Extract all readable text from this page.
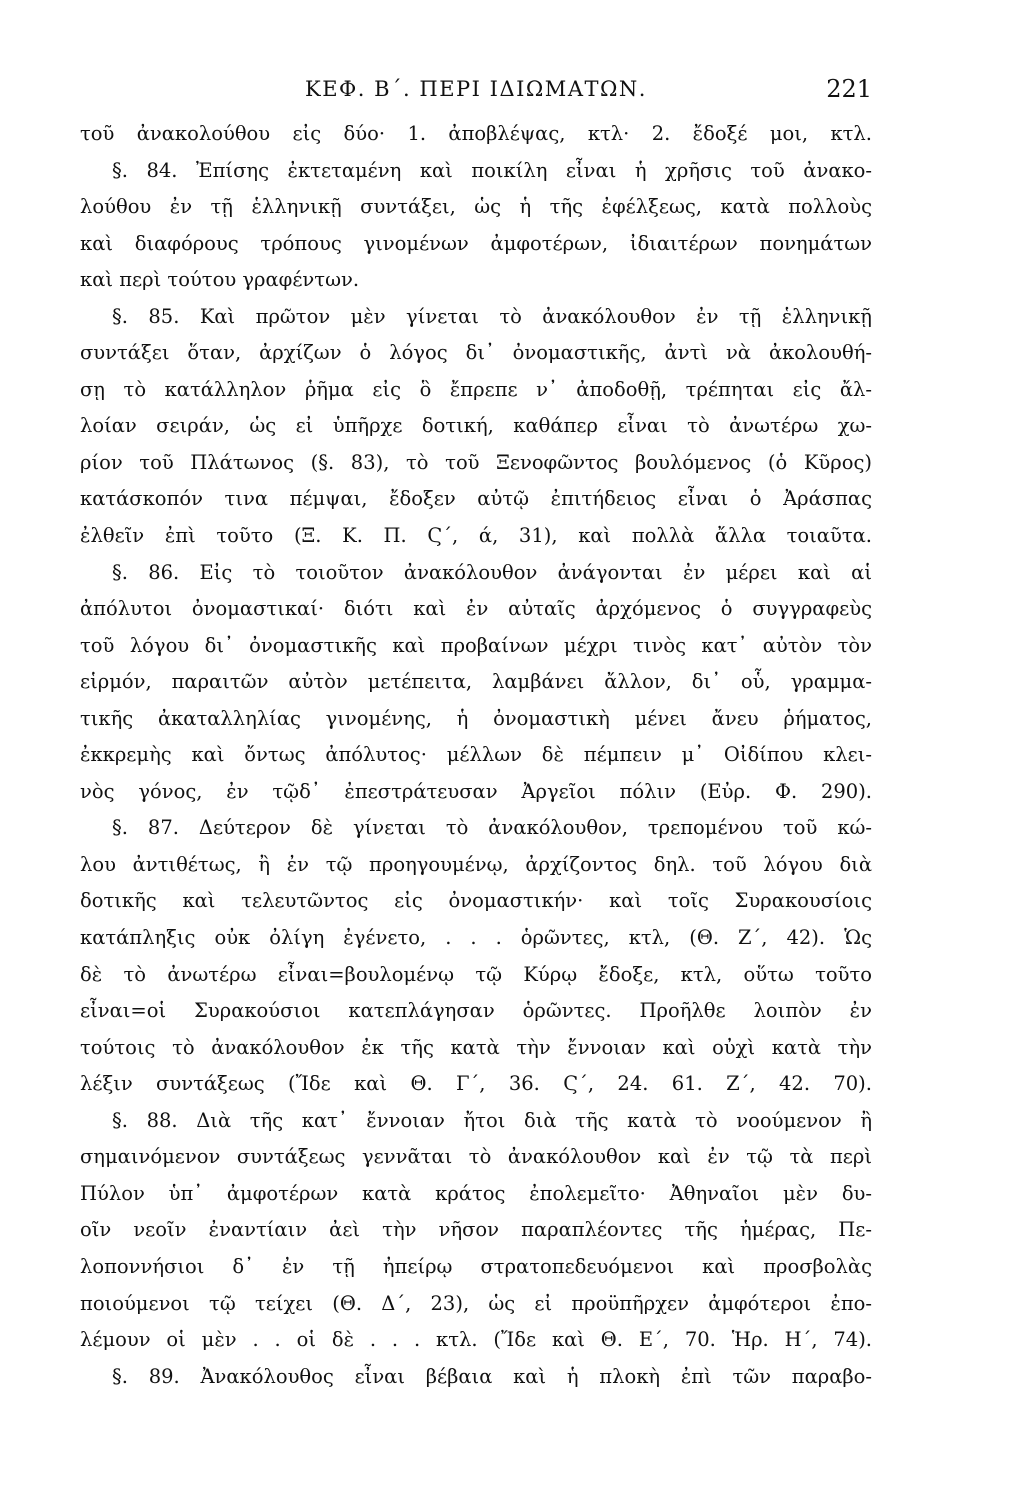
ΚΕΦ. Β΄. ΠΕΡΙ ΙΔΙΩΜΑΤΩΝ.	221
τοῦ ἀνακολούθου εἰς δύο· 1. ἀποβλέψας, κτλ· 2. ἔδοξέ μοι, κτλ.
§. 84. Ἐπίσης ἐκτεταμένη καὶ ποικίλη εἶναι ἡ χρῆσις τοῦ ἀνακο-
λούθου ἐν τῇ ἑλληνικῇ συντάξει, ὡς ἡ τῆς ἐφέλξεως, κατὰ πολλοὺς
καὶ διαφόρους τρόπους γινομένων ἀμφοτέρων, ἰδιαιτέρων πονημάτων
καὶ περὶ τούτου γραφέντων.
§. 85. Καὶ πρῶτον μὲν γίνεται τὸ ἀνακόλουθον ἐν τῇ ἑλληνικῇ
συντάξει ὅταν, ἀρχίζων ὁ λόγος δι᾽ ὀνομαστικῆς, ἀντὶ νὰ ἀκολουθή-
σῃ τὸ κατάλληλον ῥῆμα εἰς ὃ ἔπρεπε ν᾽ ἀποδοθῇ, τρέπηται εἰς ἄλ-
λοίαν σειράν, ὡς εἰ ὑπῆρχε δοτική, καθάπερ εἶναι τὸ ἀνωτέρω χω-
ρίον τοῦ Πλάτωνος (§. 83), τὸ τοῦ Ξενοφῶντος βουλόμενος (ὁ Κῦρος)
κατάσκοπόν τινα πέμψαι, ἔδοξεν αὐτῷ ἐπιτήδειος εἶναι ὁ Ἀράσπας
ἐλθεῖν ἐπὶ τοῦτο (Ξ. Κ. Π. Ϛ΄, ά, 31), καὶ πολλὰ ἄλλα τοιαῦτα.
§. 86. Εἰς τὸ τοιοῦτον ἀνακόλουθον ἀνάγονται ἐν μέρει καὶ αἱ
ἀπόλυτοι ὀνομαστικαί· διότι καὶ ἐν αὐταῖς ἀρχόμενος ὁ συγγραφεὺς
τοῦ λόγου δι᾽ ὀνομαστικῆς καὶ προβαίνων μέχρι τινὸς κατ᾽ αὐτὸν τὸν
εἱρμόν, παραιτῶν αὐτὸν μετέπειτα, λαμβάνει ἄλλον, δι᾽ οὗ, γραμμα-
τικῆς ἀκαταλληλίας γινομένης, ἡ ὀνομαστικὴ μένει ἄνευ ῥήματος,
ἐκκρεμὴς καὶ ὄντως ἀπόλυτος· μέλλων δὲ πέμπειν μ᾽ Οἰδίπου κλει-
νὸς γόνος, ἐν τῷδ᾽ ἐπεστράτευσαν Ἀργεῖοι πόλιν (Εὐρ. Φ. 290).
§. 87. Δεύτερον δὲ γίνεται τὸ ἀνακόλουθον, τρεπομένου τοῦ κώ-
λου ἀντιθέτως, ἢ ἐν τῷ προηγουμένῳ, ἀρχίζοντος δηλ. τοῦ λόγου διὰ
δοτικῆς καὶ τελευτῶντος εἰς ὀνομαστικήν· καὶ τοῖς Συρακουσίοις
κατάπληξις οὐκ ὀλίγη ἐγένετο, . . . ὁρῶντες, κτλ, (Θ. Ζ΄, 42). Ὡς
δὲ τὸ ἀνωτέρω εἶναι=βουλομένῳ τῷ Κύρῳ ἔδοξε, κτλ, οὕτω τοῦτο
εἶναι=οἱ Συρακούσιοι κατεπλάγησαν ὁρῶντες. Προῆλθε λοιπὸν ἐν
τούτοις τὸ ἀνακόλουθον ἐκ τῆς κατὰ τὴν ἔννοιαν καὶ οὐχὶ κατὰ τὴν
λέξιν συντάξεως (Ἴδε καὶ Θ. Γ΄, 36. Ϛ΄, 24. 61. Ζ΄, 42. 70).
§. 88. Διὰ τῆς κατ᾽ ἔννοιαν ἤτοι διὰ τῆς κατὰ τὸ νοούμενον ἢ
σημαινόμενον συντάξεως γεννᾶται τὸ ἀνακόλουθον καὶ ἐν τῷ τὰ περὶ
Πύλον ὑπ᾽ ἀμφοτέρων κατὰ κράτος ἐπολεμεῖτο· Ἀθηναῖοι μὲν δυ-
οῖν νεοῖν ἐναντίαιν ἀεὶ τὴν νῆσον παραπλέοντες τῆς ἡμέρας, Πε-
λοποννήσιοι δ᾽ ἐν τῇ ἠπείρῳ στρατοπεδευόμενοι καὶ προσβολὰς
ποιούμενοι τῷ τείχει (Θ. Δ΄, 23), ὡς εἰ προϋπῆρχεν ἀμφότεροι ἐπο-
λέμουν οἱ μὲν . . οἱ δὲ . . . κτλ. (Ἴδε καὶ Θ. Ε΄, 70. Ἡρ. Η΄, 74).
§. 89. Ἀνακόλουθος εἶναι βέβαια καὶ ἡ πλοκὴ ἐπὶ τῶν παραβο-
